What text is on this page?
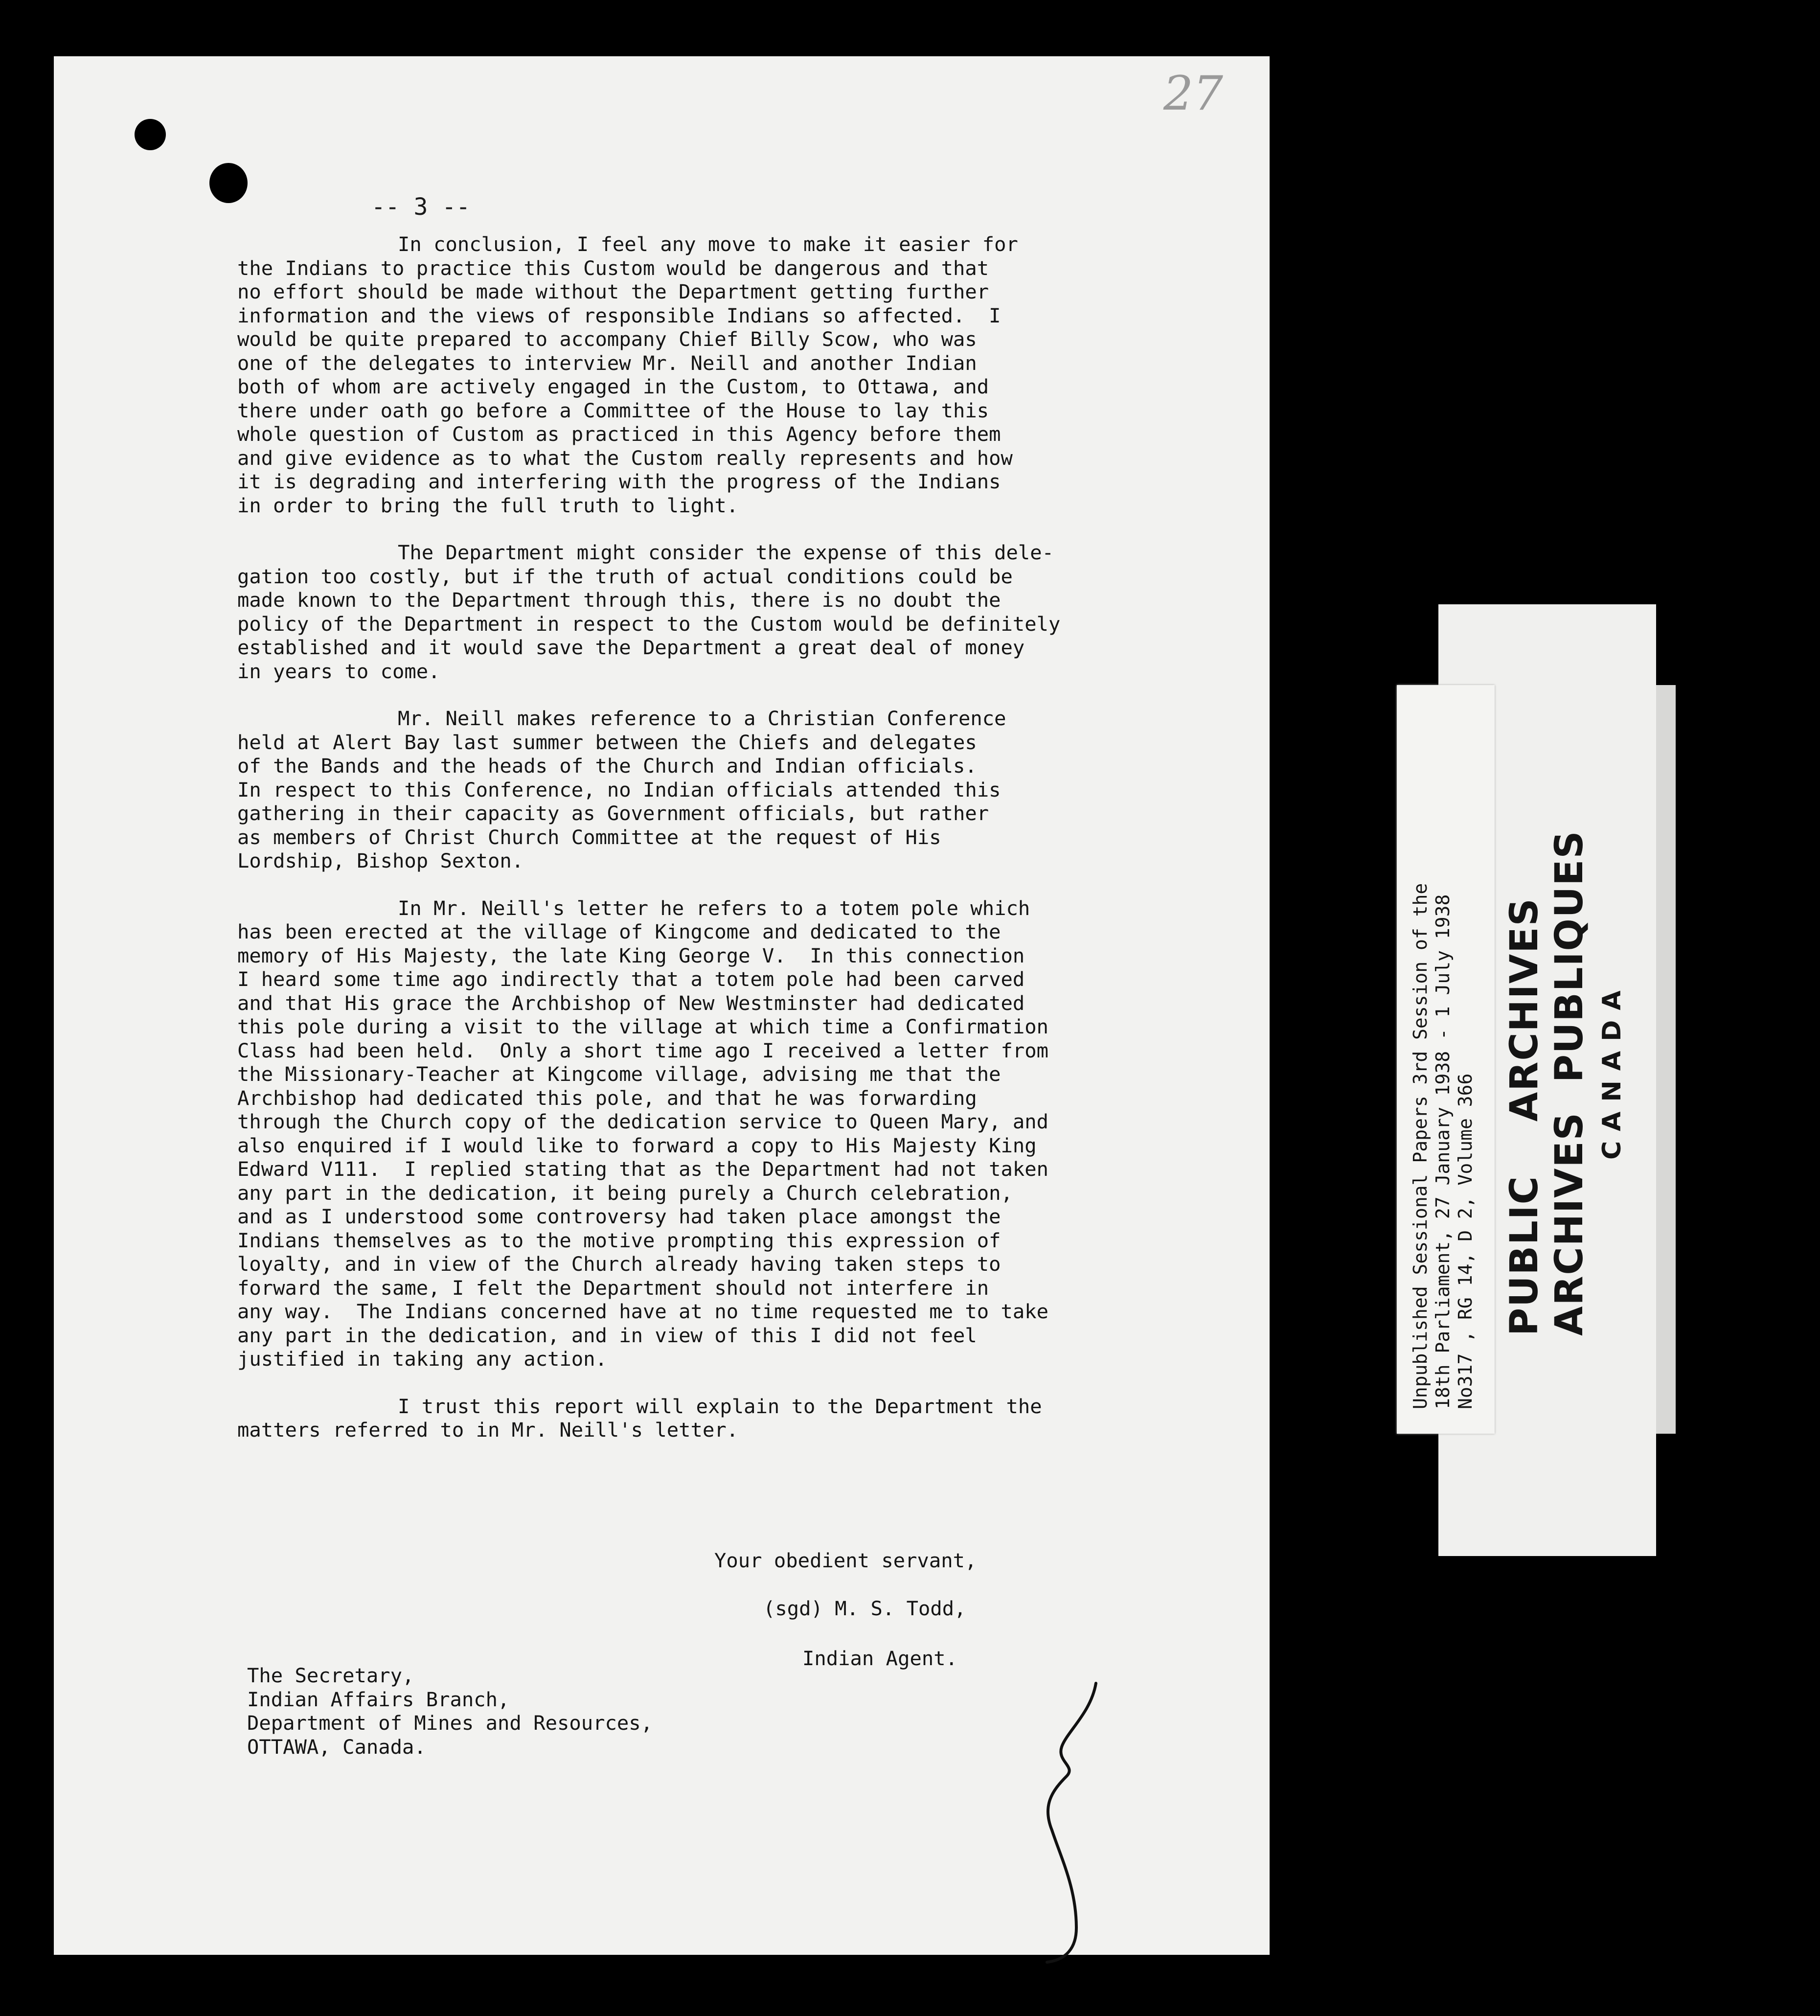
27
-- 3 --

In conclusion, I feel any move to make it easier for
the Indians to practice this Custom would be dangerous and that
no effort should be made without the Department getting further
information and the views of responsible Indians so affected.  I
would be quite prepared to accompany Chief Billy Scow, who was
one of the delegates to interview Mr. Neill and another Indian
both of whom are actively engaged in the Custom, to Ottawa, and
there under oath go before a Committee of the House to lay this
whole question of Custom as practiced in this Agency before them
and give evidence as to what the Custom really represents and how
it is degrading and interfering with the progress of the Indians
in order to bring the full truth to light.

The Department might consider the expense of this dele-
gation too costly, but if the truth of actual conditions could be
made known to the Department through this, there is no doubt the
policy of the Department in respect to the Custom would be definitely
established and it would save the Department a great deal of money
in years to come.

Mr. Neill makes reference to a Christian Conference
held at Alert Bay last summer between the Chiefs and delegates
of the Bands and the heads of the Church and Indian officials.
In respect to this Conference, no Indian officials attended this
gathering in their capacity as Government officials, but rather
as members of Christ Church Committee at the request of His
Lordship, Bishop Sexton.

In Mr. Neill's letter he refers to a totem pole which
has been erected at the village of Kingcome and dedicated to the
memory of His Majesty, the late King George V.  In this connection
I heard some time ago indirectly that a totem pole had been carved
and that His grace the Archbishop of New Westminster had dedicated
this pole during a visit to the village at which time a Confirmation
Class had been held.  Only a short time ago I received a letter from
the Missionary-Teacher at Kingcome village, advising me that the
Archbishop had dedicated this pole, and that he was forwarding
through the Church copy of the dedication service to Queen Mary, and
also enquired if I would like to forward a copy to His Majesty King
Edward V111.  I replied stating that as the Department had not taken
any part in the dedication, it being purely a Church celebration,
and as I understood some controversy had taken place amongst the
Indians themselves as to the motive prompting this expression of
loyalty, and in view of the Church already having taken steps to
forward the same, I felt the Department should not interfere in
any way.  The Indians concerned have at no time requested me to take
any part in the dedication, and in view of this I did not feel
justified in taking any action.

I trust this report will explain to the Department the
matters referred to in Mr. Neill's letter.

Your obedient servant,
(sgd) M. S. Todd,
Indian Agent.
The Secretary,
Indian Affairs Branch,
Department of Mines and Resources,
OTTAWA, Canada.
Unpublished Sessional Papers 3rd Session of the 18th Parliament, 27 January 1938 - 1 July 1938 No317 , RG 14, D 2, Volume 366 PUBLICARCHIVES
ARCHIVESPUBLIQUES CANADA
